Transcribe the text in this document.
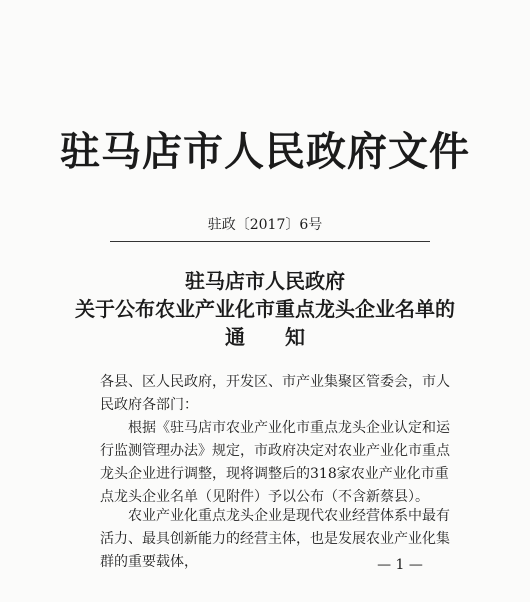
驻马店市人民政府文件
驻政〔2017〕6号
驻马店市人民政府
关于公布农业产业化市重点龙头企业名单的
通知
各县、区人民政府，开发区、市产业集聚区管委会，市人民政府各部门：
根据《驻马店市农业产业化市重点龙头企业认定和运行监测管理办法》规定，市政府决定对农业产业化市重点龙头企业进行调整，现将调整后的318家农业产业化市重点龙头企业名单（见附件）予以公布（不含新蔡县）。
农业产业化重点龙头企业是现代农业经营体系中最有活力、最具创新能力的经营主体，也是发展农业产业化集群的重要载体，	— 1 —
